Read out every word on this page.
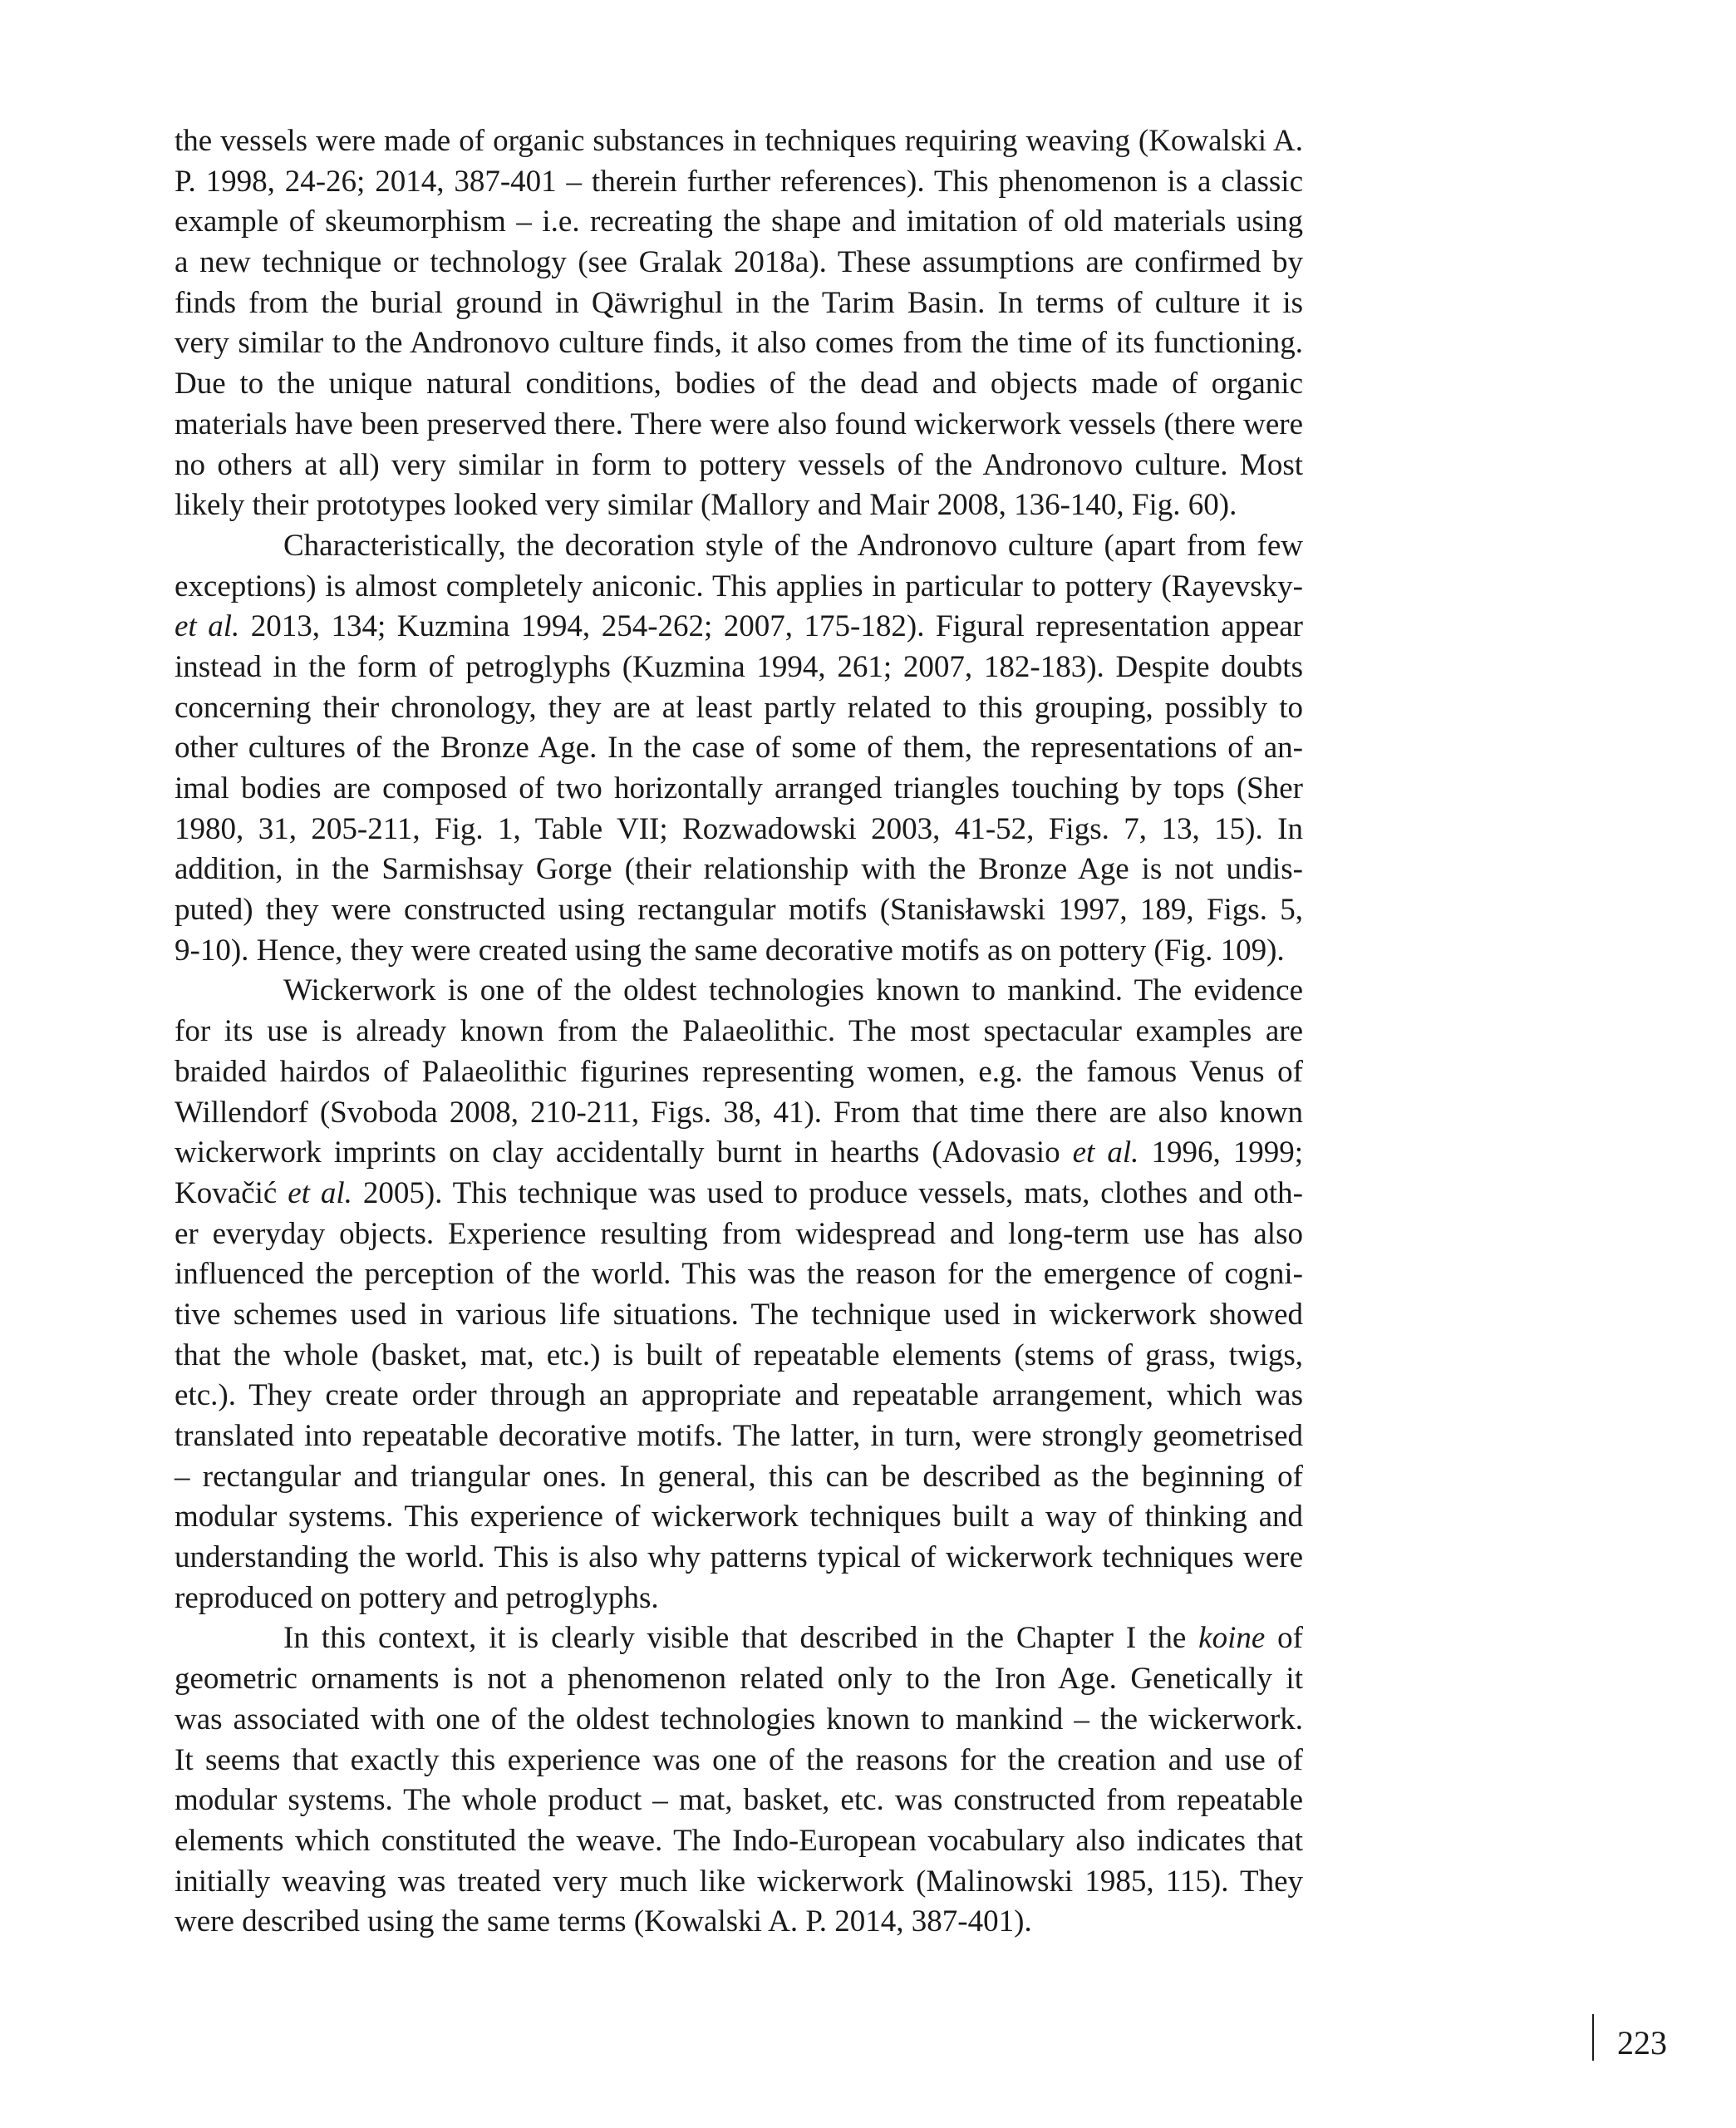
the vessels were made of organic substances in techniques requiring weaving (Kowalski A.
P. 1998, 24-26; 2014, 387-401 – therein further references). This phenomenon is a classic
example of skeumorphism – i.e. recreating the shape and imitation of old materials using
a new technique or technology (see Gralak 2018a). These assumptions are confirmed by
finds from the burial ground in Qäwrighul in the Tarim Basin. In terms of culture it is
very similar to the Andronovo culture finds, it also comes from the time of its functioning.
Due to the unique natural conditions, bodies of the dead and objects made of organic
materials have been preserved there. There were also found wickerwork vessels (there were
no others at all) very similar in form to pottery vessels of the Andronovo culture. Most
likely their prototypes looked very similar (Mallory and Mair 2008, 136-140, Fig. 60).
Characteristically, the decoration style of the Andronovo culture (apart from few
exceptions) is almost completely aniconic. This applies in particular to pottery (Rayevsky-
et al. 2013, 134; Kuzmina 1994, 254-262; 2007, 175-182). Figural representation appear
instead in the form of petroglyphs (Kuzmina 1994, 261; 2007, 182-183). Despite doubts
concerning their chronology, they are at least partly related to this grouping, possibly to
other cultures of the Bronze Age. In the case of some of them, the representations of an-
imal bodies are composed of two horizontally arranged triangles touching by tops (Sher
1980, 31, 205-211, Fig. 1, Table VII; Rozwadowski 2003, 41-52, Figs. 7, 13, 15). In
addition, in the Sarmishsay Gorge (their relationship with the Bronze Age is not undis-
puted) they were constructed using rectangular motifs (Stanisławski 1997, 189, Figs. 5,
9-10). Hence, they were created using the same decorative motifs as on pottery (Fig. 109).
Wickerwork is one of the oldest technologies known to mankind. The evidence
for its use is already known from the Palaeolithic. The most spectacular examples are
braided hairdos of Palaeolithic figurines representing women, e.g. the famous Venus of
Willendorf (Svoboda 2008, 210-211, Figs. 38, 41). From that time there are also known
wickerwork imprints on clay accidentally burnt in hearths (Adovasio et al. 1996, 1999;
Kovačić et al. 2005). This technique was used to produce vessels, mats, clothes and oth-
er everyday objects. Experience resulting from widespread and long-term use has also
influenced the perception of the world. This was the reason for the emergence of cogni-
tive schemes used in various life situations. The technique used in wickerwork showed
that the whole (basket, mat, etc.) is built of repeatable elements (stems of grass, twigs,
etc.). They create order through an appropriate and repeatable arrangement, which was
translated into repeatable decorative motifs. The latter, in turn, were strongly geometrised
– rectangular and triangular ones. In general, this can be described as the beginning of
modular systems. This experience of wickerwork techniques built a way of thinking and
understanding the world. This is also why patterns typical of wickerwork techniques were
reproduced on pottery and petroglyphs.
In this context, it is clearly visible that described in the Chapter I the koine of
geometric ornaments is not a phenomenon related only to the Iron Age. Genetically it
was associated with one of the oldest technologies known to mankind – the wickerwork.
It seems that exactly this experience was one of the reasons for the creation and use of
modular systems. The whole product – mat, basket, etc. was constructed from repeatable
elements which constituted the weave. The Indo-European vocabulary also indicates that
initially weaving was treated very much like wickerwork (Malinowski 1985, 115). They
were described using the same terms (Kowalski A. P. 2014, 387-401).
223
